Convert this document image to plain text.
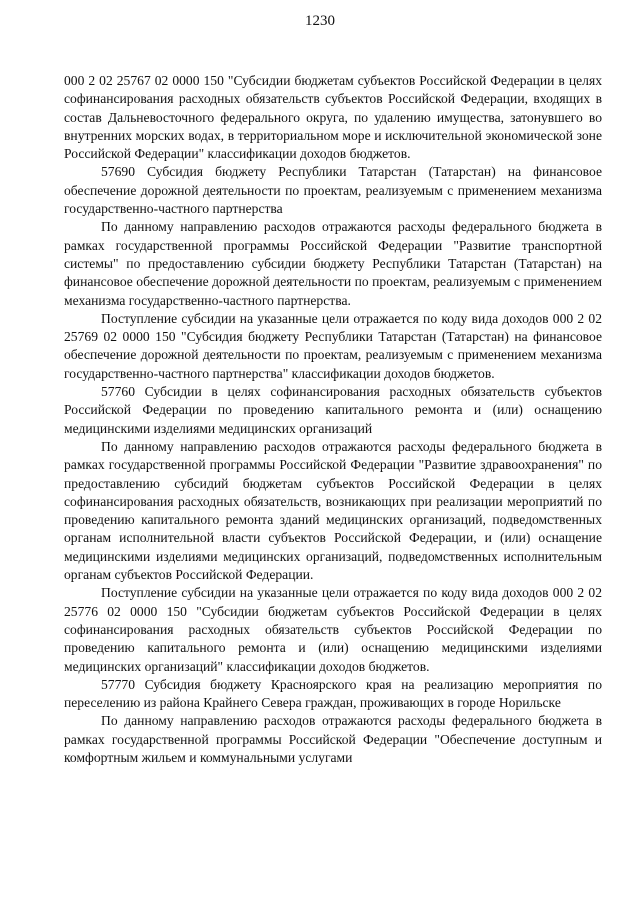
1230

000 2 02 25767 02 0000 150 "Субсидии бюджетам субъектов Российской Федерации в целях софинансирования расходных обязательств субъектов Российской Федерации, входящих в состав Дальневосточного федерального округа, по удалению имущества, затонувшего во внутренних морских водах, в территориальном море и исключительной экономической зоне Российской Федерации" классификации доходов бюджетов.

57690 Субсидия бюджету Республики Татарстан (Татарстан) на финансовое обеспечение дорожной деятельности по проектам, реализуемым с применением механизма государственно-частного партнерства

По данному направлению расходов отражаются расходы федерального бюджета в рамках государственной программы Российской Федерации "Развитие транспортной системы" по предоставлению субсидии бюджету Республики Татарстан (Татарстан) на финансовое обеспечение дорожной деятельности по проектам, реализуемым с применением механизма государственно-частного партнерства.

Поступление субсидии на указанные цели отражается по коду вида доходов 000 2 02 25769 02 0000 150 "Субсидия бюджету Республики Татарстан (Татарстан) на финансовое обеспечение дорожной деятельности по проектам, реализуемым с применением механизма государственно-частного партнерства" классификации доходов бюджетов.

57760 Субсидии в целях софинансирования расходных обязательств субъектов Российской Федерации по проведению капитального ремонта и (или) оснащению медицинскими изделиями медицинских организаций

По данному направлению расходов отражаются расходы федерального бюджета в рамках государственной программы Российской Федерации "Развитие здравоохранения" по предоставлению субсидий бюджетам субъектов Российской Федерации в целях софинансирования расходных обязательств, возникающих при реализации мероприятий по проведению капитального ремонта зданий медицинских организаций, подведомственных органам исполнительной власти субъектов Российской Федерации, и (или) оснащение медицинскими изделиями медицинских организаций, подведомственных исполнительным органам субъектов Российской Федерации.

Поступление субсидии на указанные цели отражается по коду вида доходов 000 2 02 25776 02 0000 150 "Субсидии бюджетам субъектов Российской Федерации в целях софинансирования расходных обязательств субъектов Российской Федерации по проведению капитального ремонта и (или) оснащению медицинскими изделиями медицинских организаций" классификации доходов бюджетов.

57770 Субсидия бюджету Красноярского края на реализацию мероприятия по переселению из района Крайнего Севера граждан, проживающих в городе Норильске

По данному направлению расходов отражаются расходы федерального бюджета в рамках государственной программы Российской Федерации "Обеспечение доступным и комфортным жильем и коммунальными услугами
